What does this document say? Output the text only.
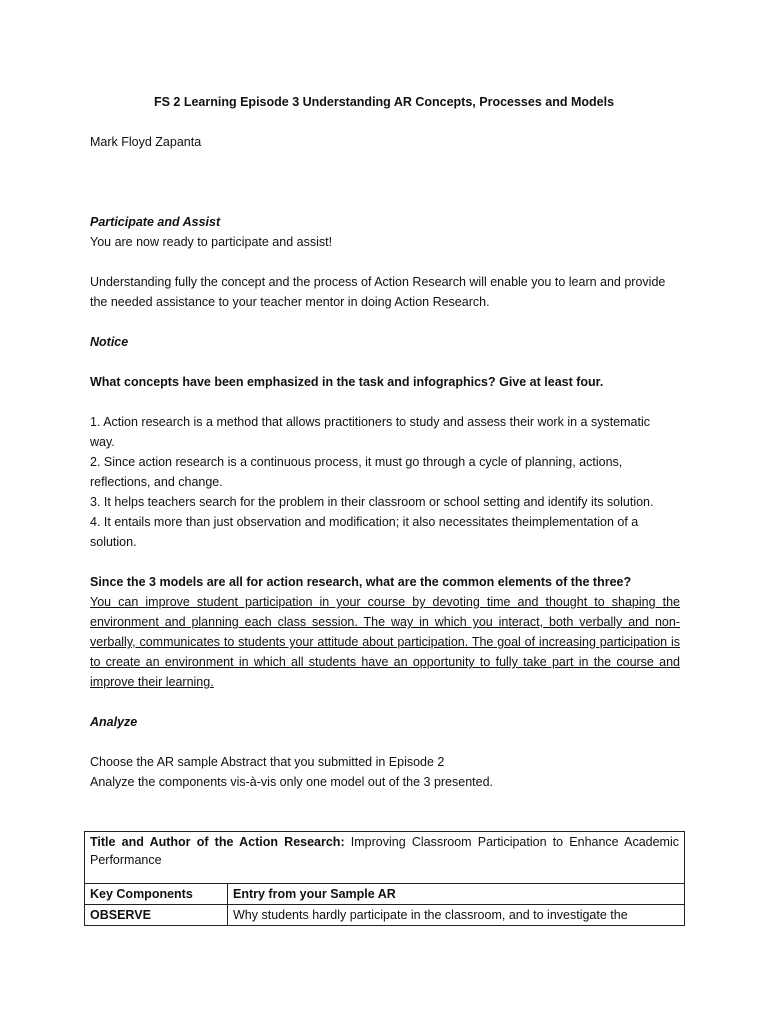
FS 2 Learning Episode 3 Understanding AR Concepts, Processes and Models
Mark Floyd Zapanta
Participate and Assist
You are now ready to participate and assist!
Understanding fully the concept and the process of Action Research will enable you to learn and provide
the needed assistance to your teacher mentor in doing Action Research.
Notice
What concepts have been emphasized in the task and infographics? Give at least four.
1. Action research is a method that allows practitioners to study and assess their work in a systematic
way.
2. Since action research is a continuous process, it must go through a cycle of planning, actions,
reflections, and change.
3. It helps teachers search for the problem in their classroom or school setting and identify its solution.
4. It entails more than just observation and modification; it also necessitates theimplementation of a
solution.
Since the 3 models are all for action research, what are the common elements of the three?
You can improve student participation in your course by devoting time and thought to shaping the environment and planning each class session. The way in which you interact, both verbally and non-verbally, communicates to students your attitude about participation. The goal of increasing participation is to create an environment in which all students have an opportunity to fully take part in the course and improve their learning.
Analyze
Choose the AR sample Abstract that you submitted in Episode 2
Analyze the components vis-à-vis only one model out of the 3 presented.
Title and Author of the Action Research: Improving Classroom Participation to Enhance Academic Performance	
Key Components	Entry from your Sample AR
OBSERVE	Why students hardly participate in the classroom, and to investigate the
